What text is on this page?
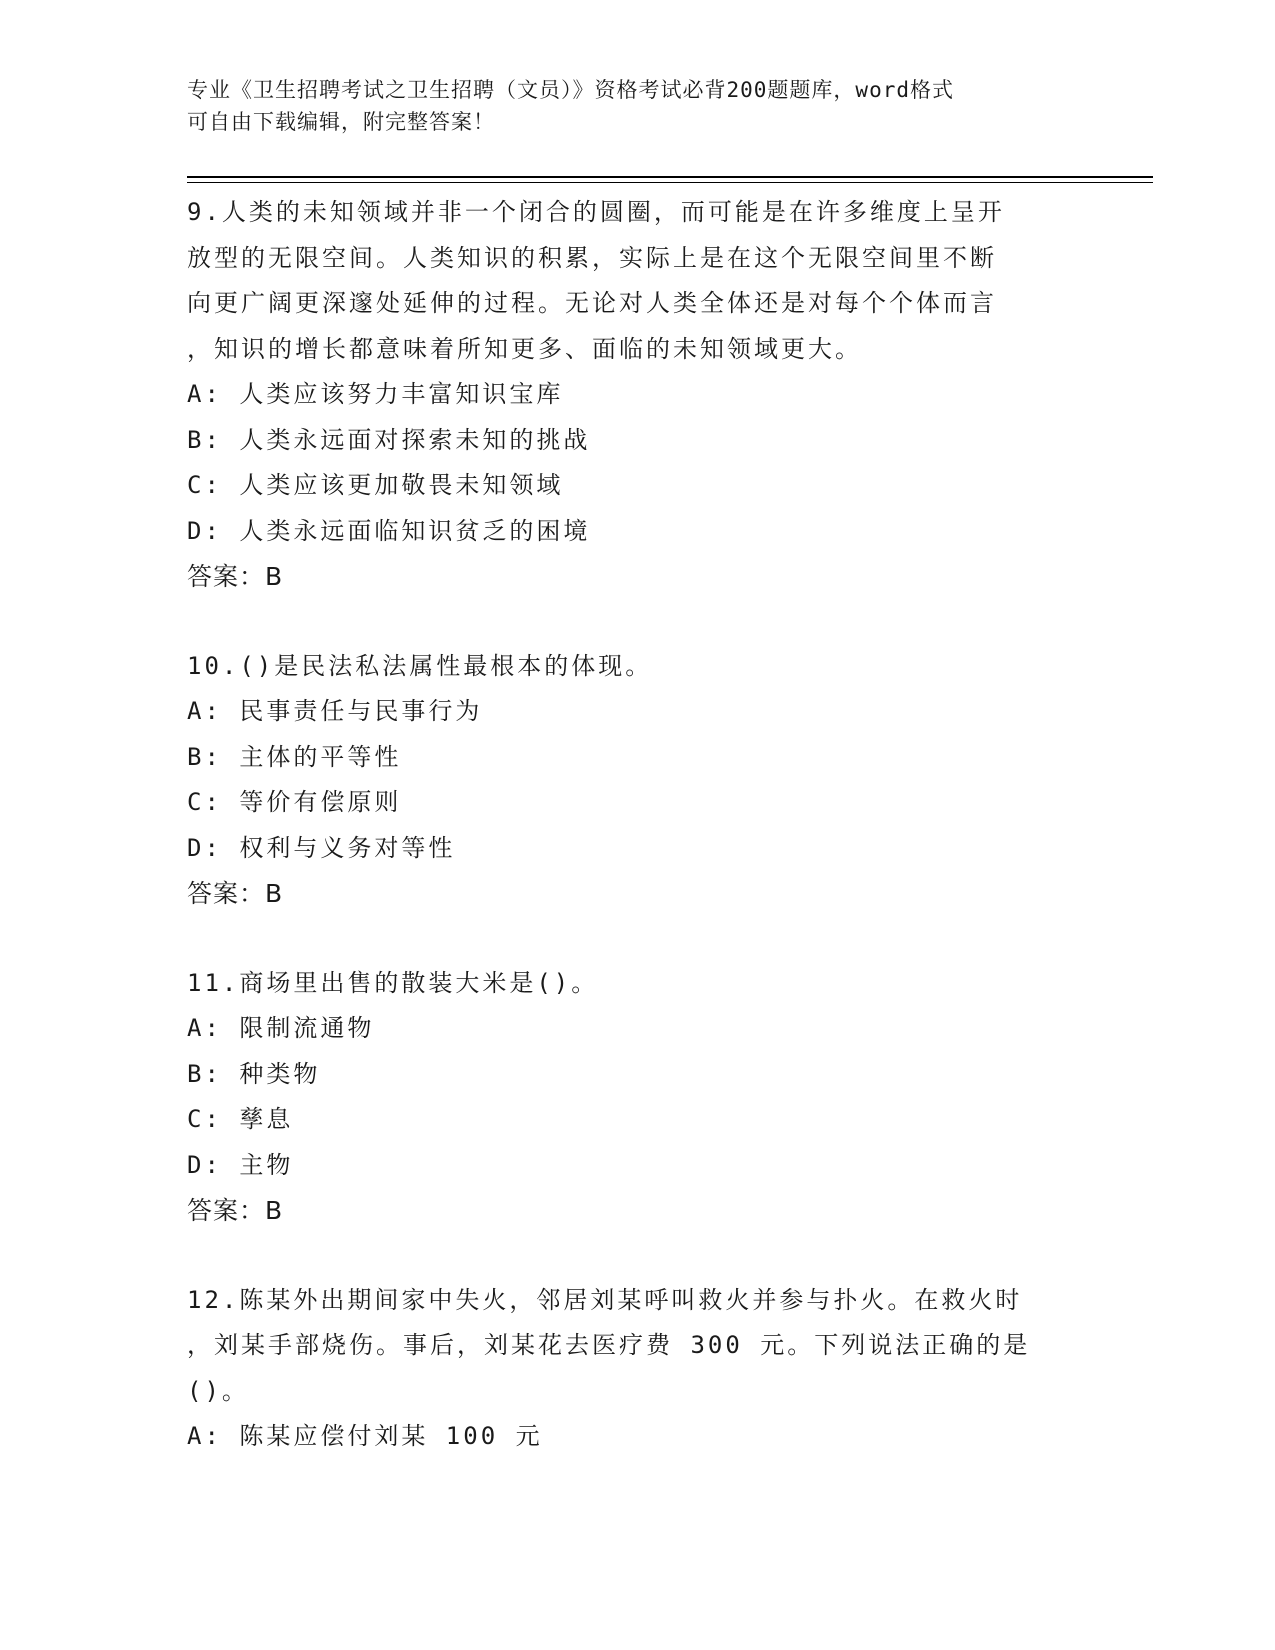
专业《卫生招聘考试之卫生招聘（文员）》资格考试必背200题题库，word格式
可自由下载编辑，附完整答案！
9.人类的未知领域并非一个闭合的圆圈，而可能是在许多维度上呈开
放型的无限空间。人类知识的积累，实际上是在这个无限空间里不断
向更广阔更深邃处延伸的过程。无论对人类全体还是对每个个体而言
，知识的增长都意味着所知更多、面临的未知领域更大。
A: 人类应该努力丰富知识宝库
B: 人类永远面对探索未知的挑战
C: 人类应该更加敬畏未知领域
D: 人类永远面临知识贫乏的困境
答案：B
10.()是民法私法属性最根本的体现。
A: 民事责任与民事行为
B: 主体的平等性
C: 等价有偿原则
D: 权利与义务对等性
答案：B
11.商场里出售的散装大米是()。
A: 限制流通物
B: 种类物
C: 孳息
D: 主物
答案：B
12.陈某外出期间家中失火，邻居刘某呼叫救火并参与扑火。在救火时
，刘某手部烧伤。事后，刘某花去医疗费 300 元。下列说法正确的是
()。
A: 陈某应偿付刘某 100 元
